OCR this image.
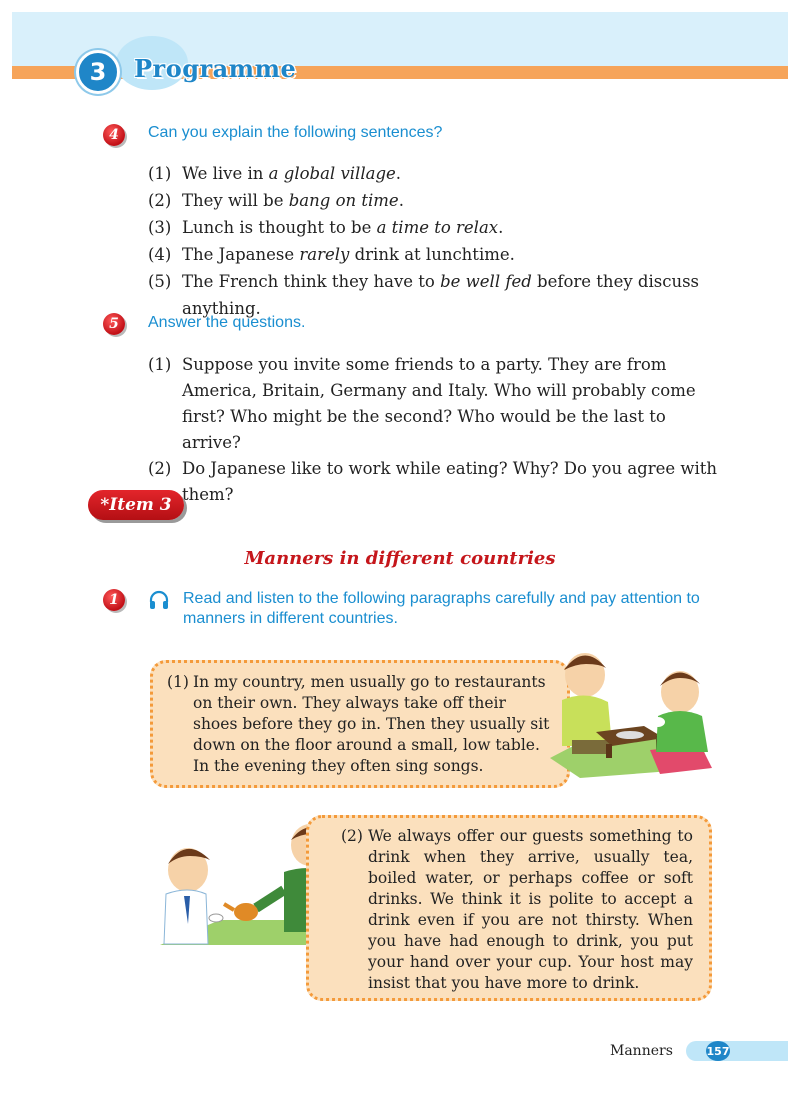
3	Programme
4	Can you explain the following sentences?
(1) We live in a global village.
(2) They will be bang on time.
(3) Lunch is thought to be a time to relax.
(4) The Japanese rarely drink at lunchtime.
(5) The French think they have to be well fed before they discuss anything.
5	Answer the questions.
(1) Suppose you invite some friends to a party. They are from America, Britain, Germany and Italy. Who will probably come first? Who might be the second? Who would be the last to arrive?
(2) Do Japanese like to work while eating? Why? Do you agree with them?
*Item 3
Manners in different countries
1	Read and listen to the following paragraphs carefully and pay attention to manners in different countries.

(1) In my country, men usually go to restaurants on their own. They always take off their shoes before they go in. Then they usually sit down on the floor around a small, low table. In the evening they often sing songs.

(2) We always offer our guests something to drink when they arrive, usually tea, boiled water, or perhaps coffee or soft drinks. We think it is polite to accept a drink even if you are not thirsty. When you have had enough to drink, you put your hand over your cup. Your host may insist that you have more to drink.

157
Manners
